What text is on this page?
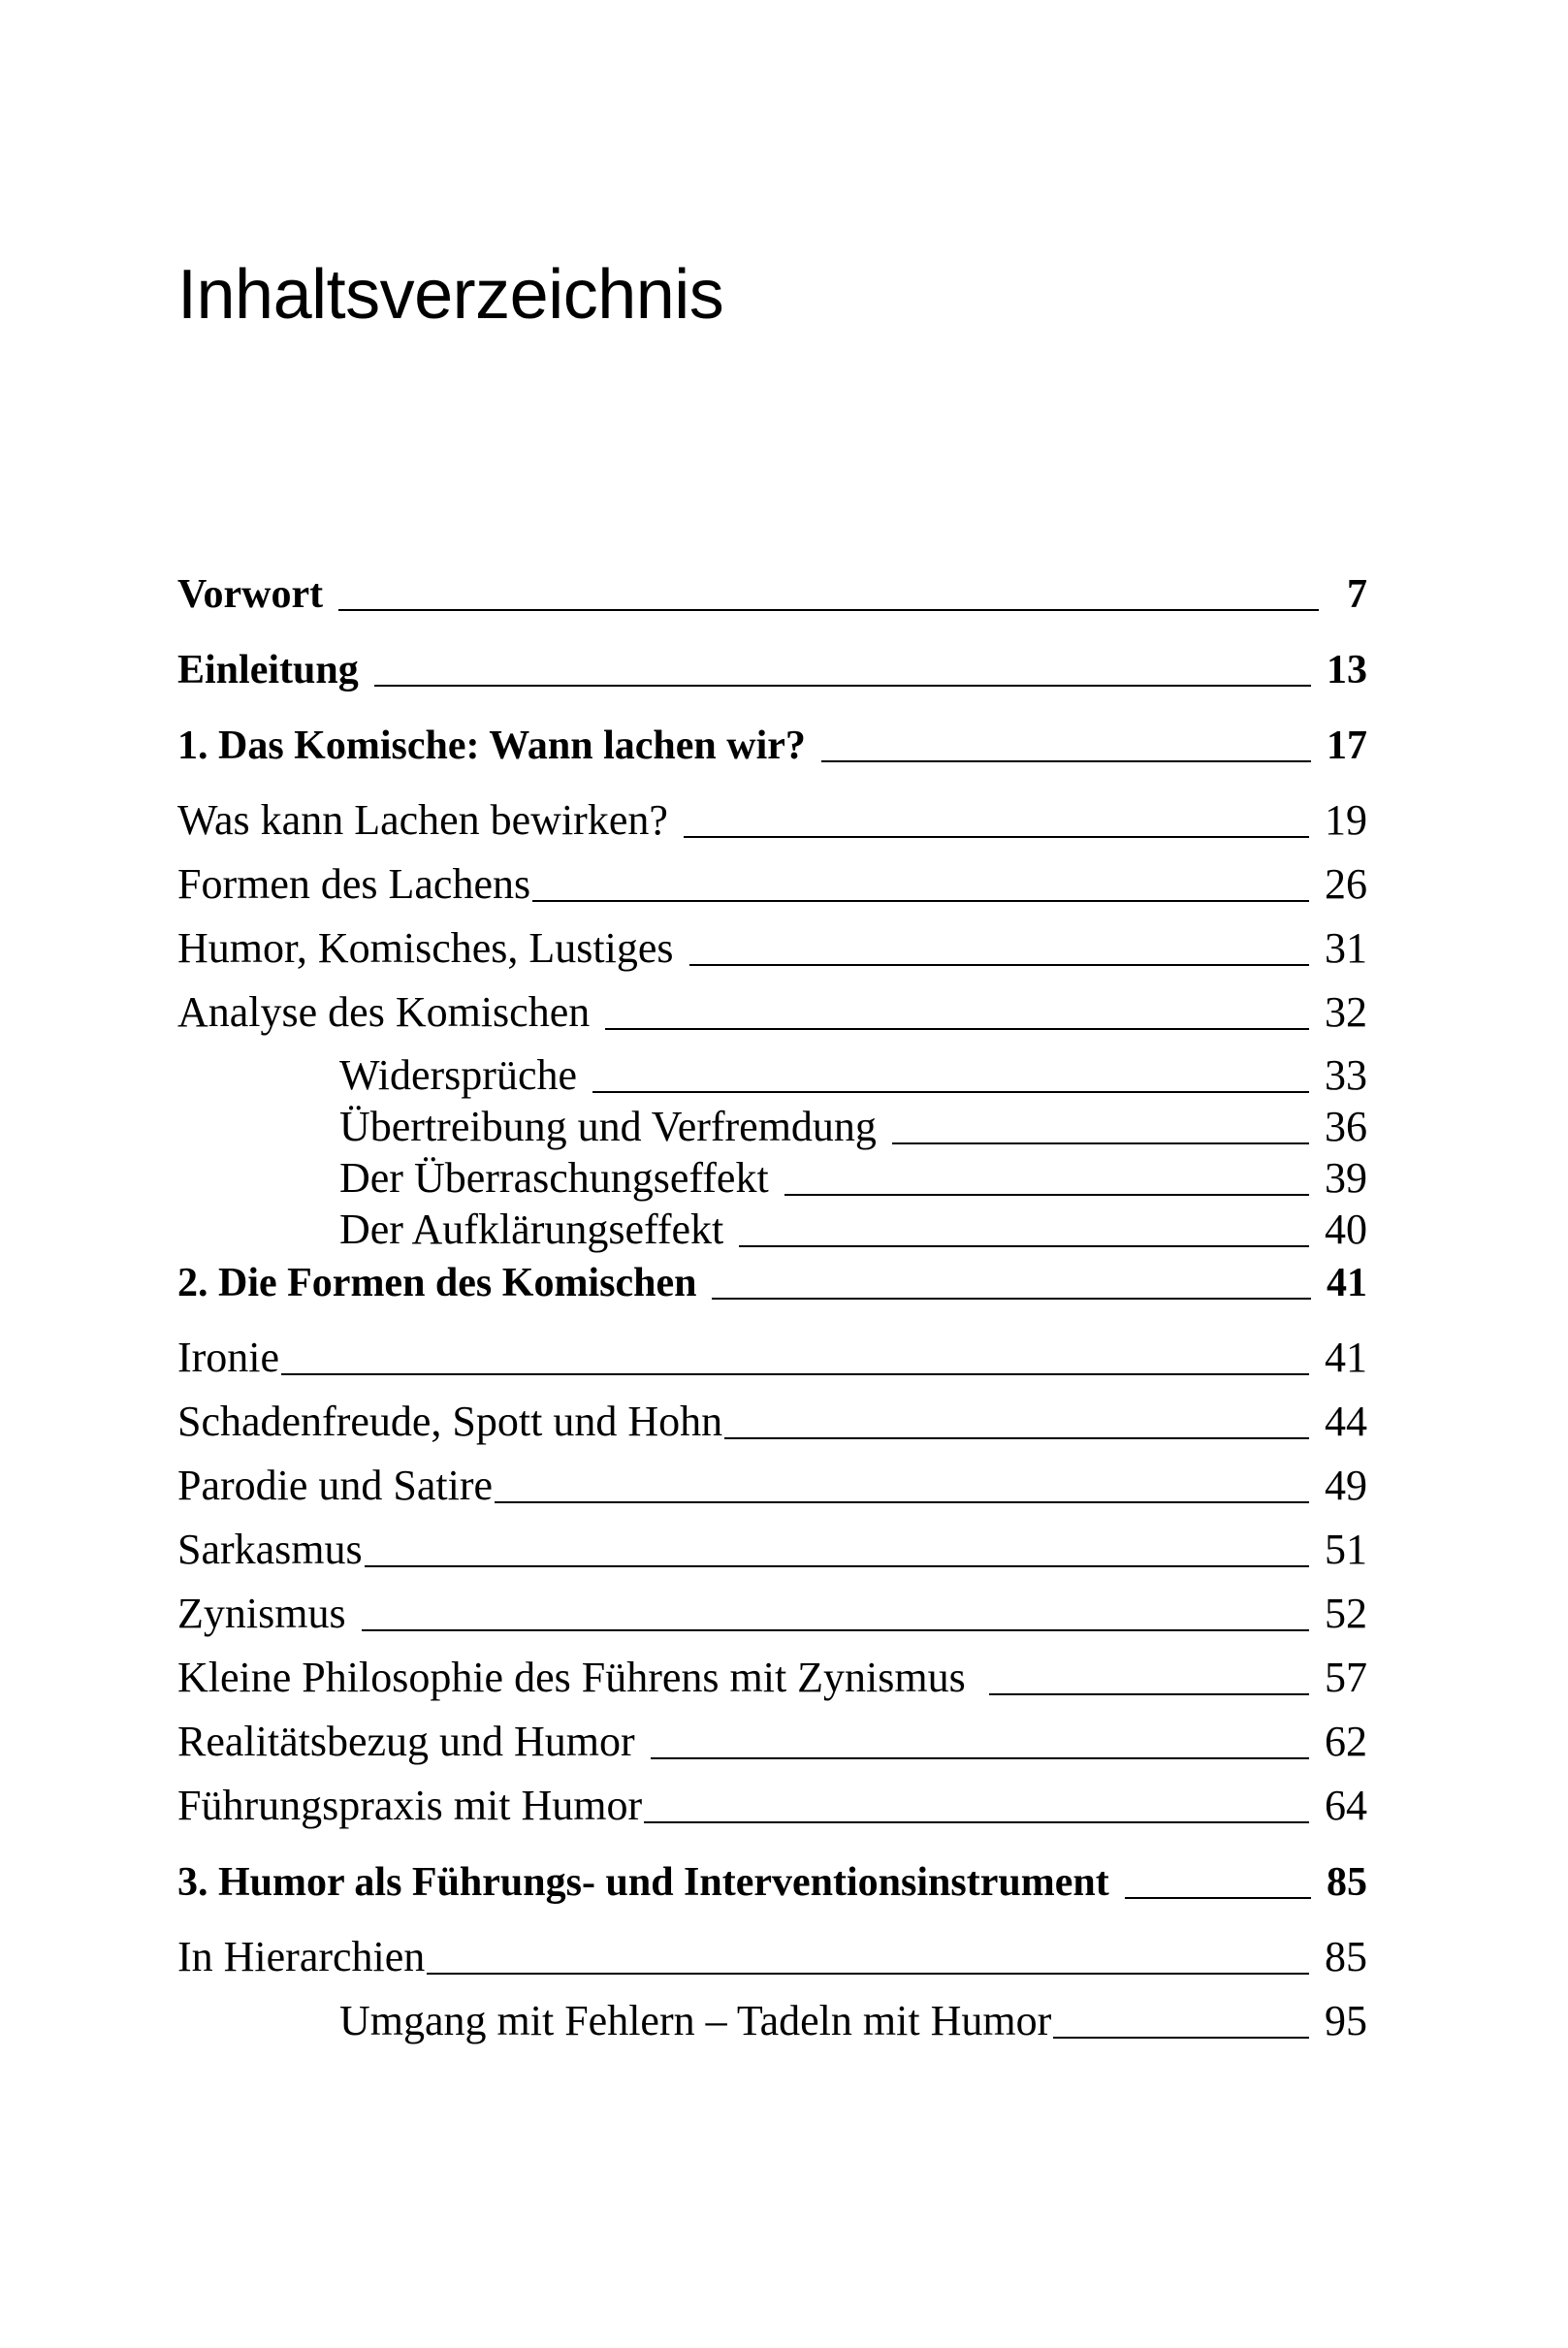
Inhaltsverzeichnis
Vorwort	7
Einleitung	13
1. Das Komische: Wann lachen wir?	17
Was kann Lachen bewirken?	19
Formen des Lachens	26
Humor, Komisches, Lustiges	31
Analyse des Komischen	32
Widersprüche	33
Übertreibung und Verfremdung	36
Der Überraschungseffekt	39
Der Aufklärungseffekt	40
2. Die Formen des Komischen	41
Ironie	41
Schadenfreude, Spott und Hohn	44
Parodie und Satire	49
Sarkasmus	51
Zynismus	52
Kleine Philosophie des Führens mit Zynismus	57
Realitätsbezug und Humor	62
Führungspraxis mit Humor	64
3. Humor als Führungs- und Interventionsinstrument	85
In Hierarchien	85
Umgang mit Fehlern – Tadeln mit Humor	95
